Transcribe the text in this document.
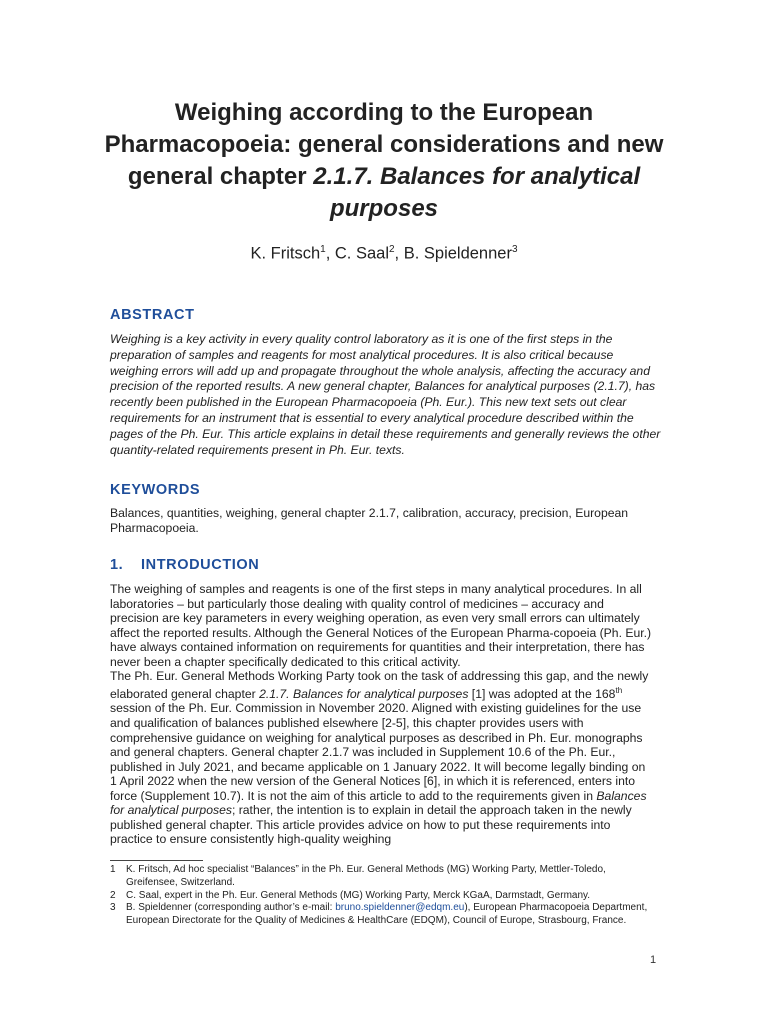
Weighing according to the European Pharmacopoeia: general considerations and new general chapter 2.1.7. Balances for analytical purposes
K. Fritsch$^1$, C. Saal$^2$, B. Spieldenner$^3$
ABSTRACT
Weighing is a key activity in every quality control laboratory as it is one of the first steps in the preparation of samples and reagents for most analytical procedures. It is also critical because weighing errors will add up and propagate throughout the whole analysis, affecting the accuracy and precision of the reported results. A new general chapter, Balances for analytical purposes (2.1.7), has recently been published in the European Pharmacopoeia (Ph. Eur.). This new text sets out clear requirements for an instrument that is essential to every analytical procedure described within the pages of the Ph. Eur. This article explains in detail these requirements and generally reviews the other quantity-related requirements present in Ph. Eur. texts.
KEYWORDS
Balances, quantities, weighing, general chapter 2.1.7, calibration, accuracy, precision, European Pharmacopoeia.
1. INTRODUCTION

The weighing of samples and reagents is one of the first steps in many analytical procedures. In all laboratories – but particularly those dealing with quality control of medicines – accuracy and precision are key parameters in every weighing operation, as even very small errors can ultimately affect the reported results. Although the General Notices of the European Pharma-copoeia (Ph. Eur.) have always contained information on requirements for quantities and their interpretation, there has never been a chapter specifically dedicated to this critical activity.

The Ph. Eur. General Methods Working Party took on the task of addressing this gap, and the newly elaborated general chapter 2.1.7. Balances for analytical purposes [1] was adopted at the 168th session of the Ph. Eur. Commission in November 2020. Aligned with existing guidelines for the use and qualification of balances published elsewhere [2-5], this chapter provides users with comprehensive guidance on weighing for analytical purposes as described in Ph. Eur. monographs and general chapters. General chapter 2.1.7 was included in Supplement 10.6 of the Ph. Eur., published in July 2021, and became applicable on 1 January 2022. It will become legally binding on 1 April 2022 when the new version of the General Notices [6], in which it is referenced, enters into force (Supplement 10.7). It is not the aim of this article to add to the requirements given in Balances for analytical purposes; rather, the intention is to explain in detail the approach taken in the newly published general chapter. This article provides advice on how to put these requirements into practice to ensure consistently high-quality weighing

1	K. Fritsch, Ad hoc specialist “Balances” in the Ph. Eur. General Methods (MG) Working Party, Mettler-Toledo, Greifensee, Switzerland.
2	C. Saal, expert in the Ph. Eur. General Methods (MG) Working Party, Merck KGaA, Darmstadt, Germany.
3	B. Spieldenner (corresponding author’s e-mail: bruno.spieldenner@edqm.eu), European Pharmacopoeia Department, European Directorate for the Quality of Medicines & HealthCare (EDQM), Council of Europe, Strasbourg, France.
1
